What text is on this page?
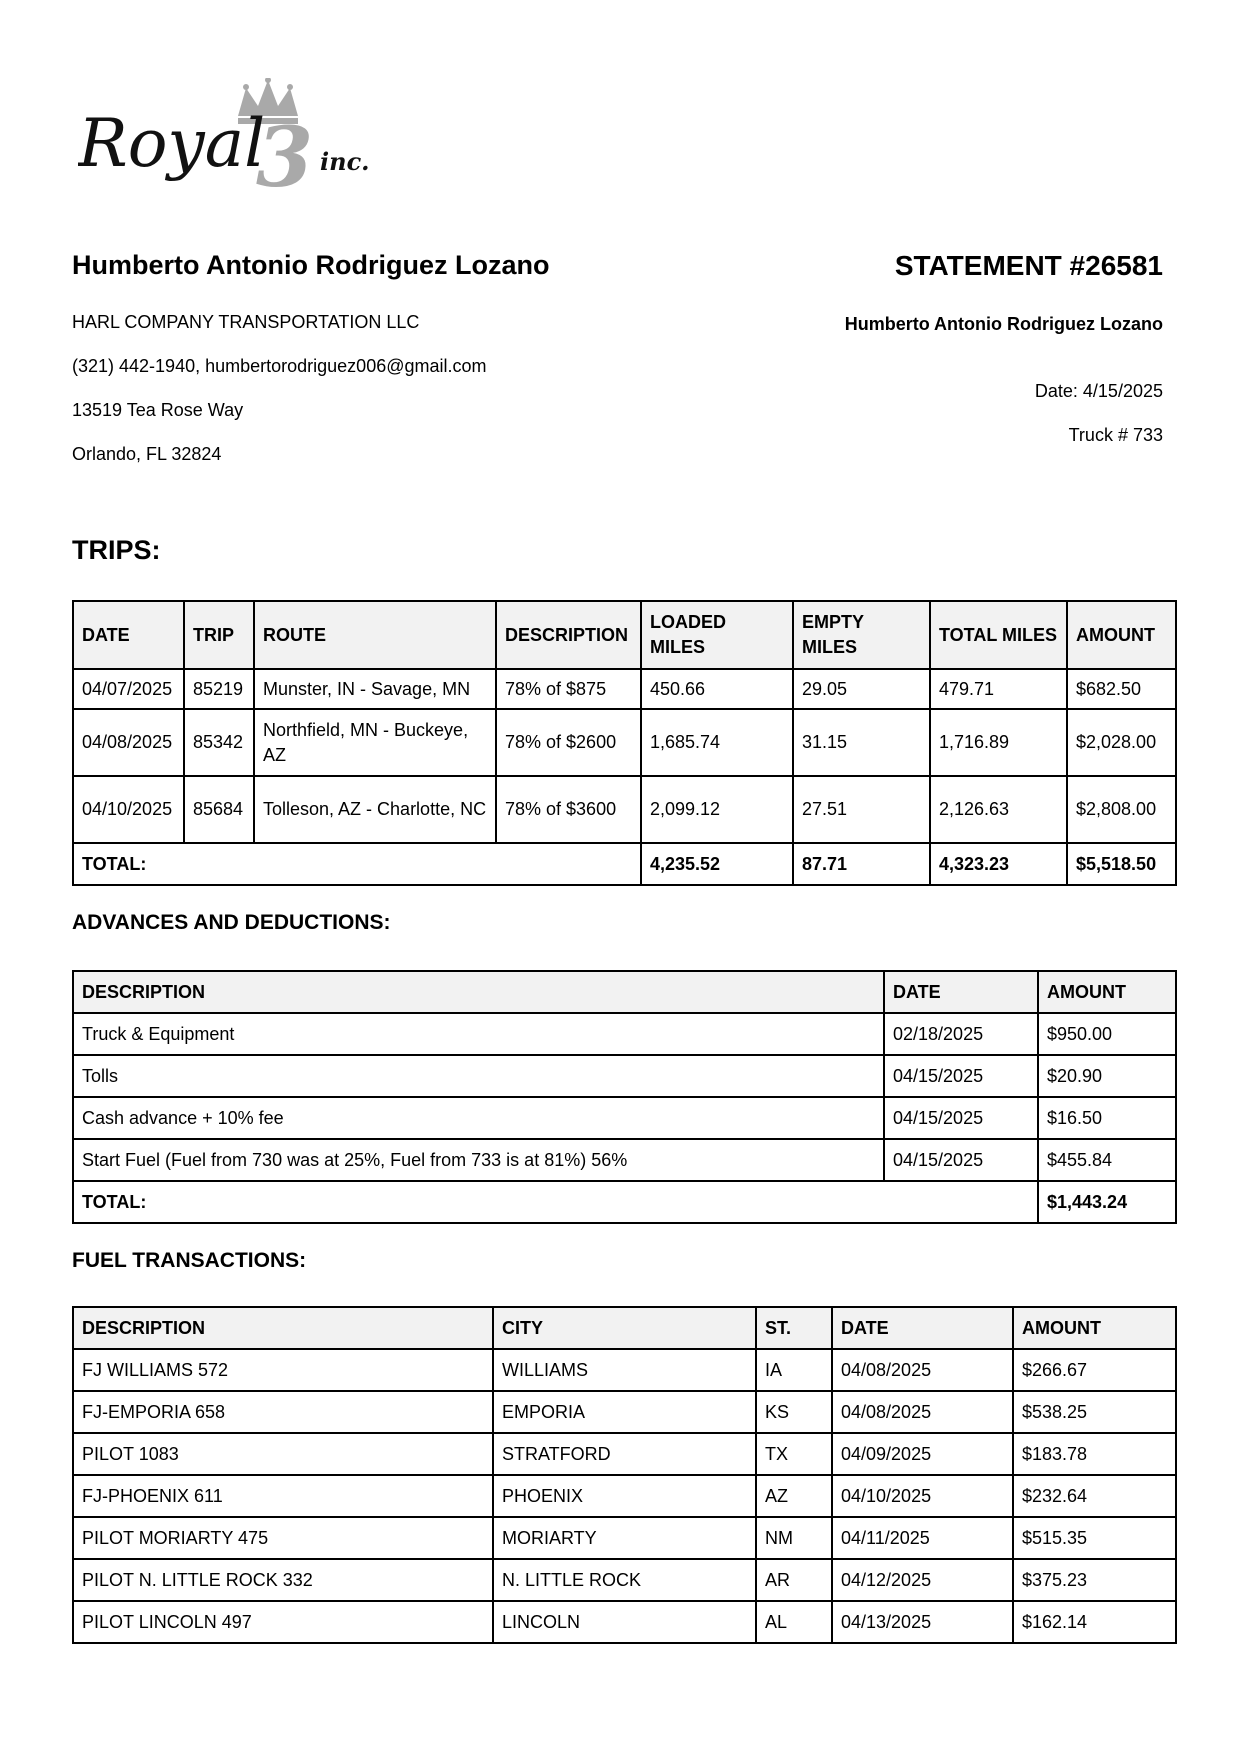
3
Royal inc.
Humberto Antonio Rodriguez Lozano
HARL COMPANY TRANSPORTATION LLC
(321) 442-1940, humbertorodriguez006@gmail.com
13519 Tea Rose Way
Orlando, FL 32824
STATEMENT #26581
Humberto Antonio Rodriguez Lozano
Date: 4/15/2025
Truck # 733
TRIPS:
DATE	TRIP	ROUTE	DESCRIPTION	LOADED MILES	EMPTY MILES	TOTAL MILES	AMOUNT
04/07/2025	85219	Munster, IN - Savage, MN	78% of $875	450.66	29.05	479.71	$682.50
04/08/2025	85342	Northfield, MN - Buckeye, AZ	78% of $2600	1,685.74	31.15	1,716.89	$2,028.00
04/10/2025	85684	Tolleson, AZ - Charlotte, NC	78% of $3600	2,099.12	27.51	2,126.63	$2,808.00
TOTAL:				4,235.52	87.71	4,323.23	$5,518.50
ADVANCES AND DEDUCTIONS:
DESCRIPTION	DATE	AMOUNT
Truck & Equipment	02/18/2025	$950.00
Tolls	04/15/2025	$20.90
Cash advance + 10% fee	04/15/2025	$16.50
Start Fuel (Fuel from 730 was at 25%, Fuel from 733 is at 81%) 56%	04/15/2025	$455.84
TOTAL:		$1,443.24
FUEL TRANSACTIONS:
DESCRIPTION	CITY	ST.	DATE	AMOUNT
FJ WILLIAMS 572	WILLIAMS	IA	04/08/2025	$266.67
FJ-EMPORIA 658	EMPORIA	KS	04/08/2025	$538.25
PILOT 1083	STRATFORD	TX	04/09/2025	$183.78
FJ-PHOENIX 611	PHOENIX	AZ	04/10/2025	$232.64
PILOT MORIARTY 475	MORIARTY	NM	04/11/2025	$515.35
PILOT N. LITTLE ROCK 332	N. LITTLE ROCK	AR	04/12/2025	$375.23
PILOT LINCOLN 497	LINCOLN	AL	04/13/2025	$162.14
